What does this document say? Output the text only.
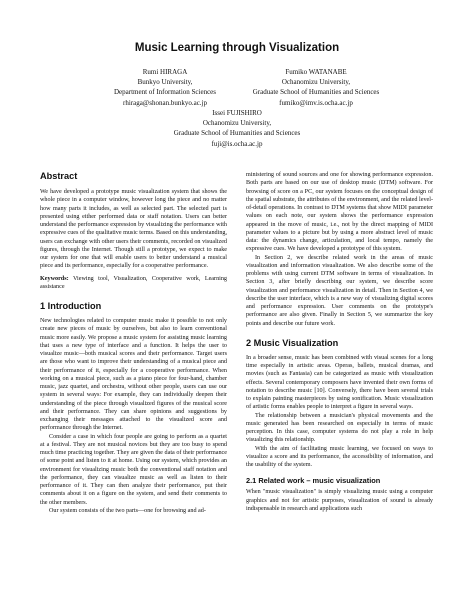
Music Learning through Visualization
Rumi HIRAGA
Bunkyo University,
Department of Information Sciences
rhiraga@shonan.bunkyo.ac.jp
Fumiko WATANABE
Ochanomizu University,
Graduate School of Humanities and Sciences
fumiko@imv.is.ocha.ac.jp
Issei FUJISHIRO
Ochanomizu University,
Graduate School of Humanities and Sciences
fuji@is.ocha.ac.jp
Abstract

We have developed a prototype music visualization system that shows the whole piece in a computer window, however long the piece and no matter how many parts it includes, as well as selected part. The selected part is presented using either performed data or staff notation. Users can better understand the performance expression by visualizing the performance with expressive cues of the qualitative music terms. Based on this understanding, users can exchange with other users their comments, recorded on visualized figures, through the Internet. Though still a prototype, we expect to make our system for one that will enable users to better understand a musical piece and its performance, especially for a cooperative performance.

Keywords: Viewing tool, Visualization, Cooperative work, Learning assistance

1 Introduction

New technologies related to computer music make it possible to not only create new pieces of music by ourselves, but also to learn conventional music more easily. We propose a music system for assisting music learning that uses a new type of interface and a function. It helps the user to visualize music—both musical scores and their performance. Target users are those who want to improve their understanding of a musical piece and their performance of it, especially for a cooperative performance. When working on a musical piece, such as a piano piece for four-hand, chamber music, jazz quartet, and orchestra, without other people, users can use our system in several ways: For example, they can individually deepen their understanding of the piece through visualized figures of the musical score and their performance. They can share opinions and suggestions by exchanging their messages attached to the visualized score and performance through the Internet.

Consider a case in which four people are going to perform as a quartet at a festival. They are not musical novices but they are too busy to spend much time practicing together. They are given the data of their performance of some point and listen to it at home. Using our system, which provides an environment for visualizing music both the conventional staff notation and the performance, they can visualize music as well as listen to their performance of it. They can then analyze their performance, put their comments about it on a figure on the system, and send their comments to the other members.

Our system consists of the two parts—one for browsing and ad-

ministering of sound sources and one for showing performance expression. Both parts are based on our use of desktop music (DTM) software. For browsing of score on a PC, our system focuses on the conceptual design of the spatial substrate, the attributes of the environment, and the related level-of-detail operations. In contrast to DTM systems that show MIDI parameter values on each note, our system shows the performance expression appeared in the move of music, i.e., not by the direct mapping of MIDI parameter values to a picture but by using a more abstract level of music data: the dynamics change, articulation, and local tempo, namely the expressive cues. We have developed a prototype of this system.

In Section 2, we describe related work in the areas of music visualization and information visualization. We also describe some of the problems with using current DTM software in terms of visualization. In Section 3, after briefly describing our system, we describe score visualization and performance visualization in detail. Then in Section 4, we describe the user interface, which is a new way of visualizing digital scores and performance expression. User comments on the prototype's performance are also given. Finally in Section 5, we summarize the key points and describe our future work.

2 Music Visualization

In a broader sense, music has been combined with visual scenes for a long time especially in artistic areas. Operas, ballets, musical dramas, and movies (such as Fantasia) can be categorized as music with visualization effects. Several contemporary composers have invented their own forms of notation to describe music [10]. Conversely, there have been several trials to explain painting masterpieces by using sonification. Music visualization of artistic forms enables people to interpret a figure in several ways.

The relationship between a musician's physical movements and the music generated has been researched on especially in terms of music perception. In this case, computer systems do not play a role in help visualizing this relationship.

With the aim of facilitating music learning, we focused on ways to visualize a score and its performance, the accessibility of information, and the usability of the system.

2.1 Related work – music visualization

When "music visualization" is simply visualizing music using a computer graphics and not for artistic purposes, visualization of sound is already indispensable in research and applications such
